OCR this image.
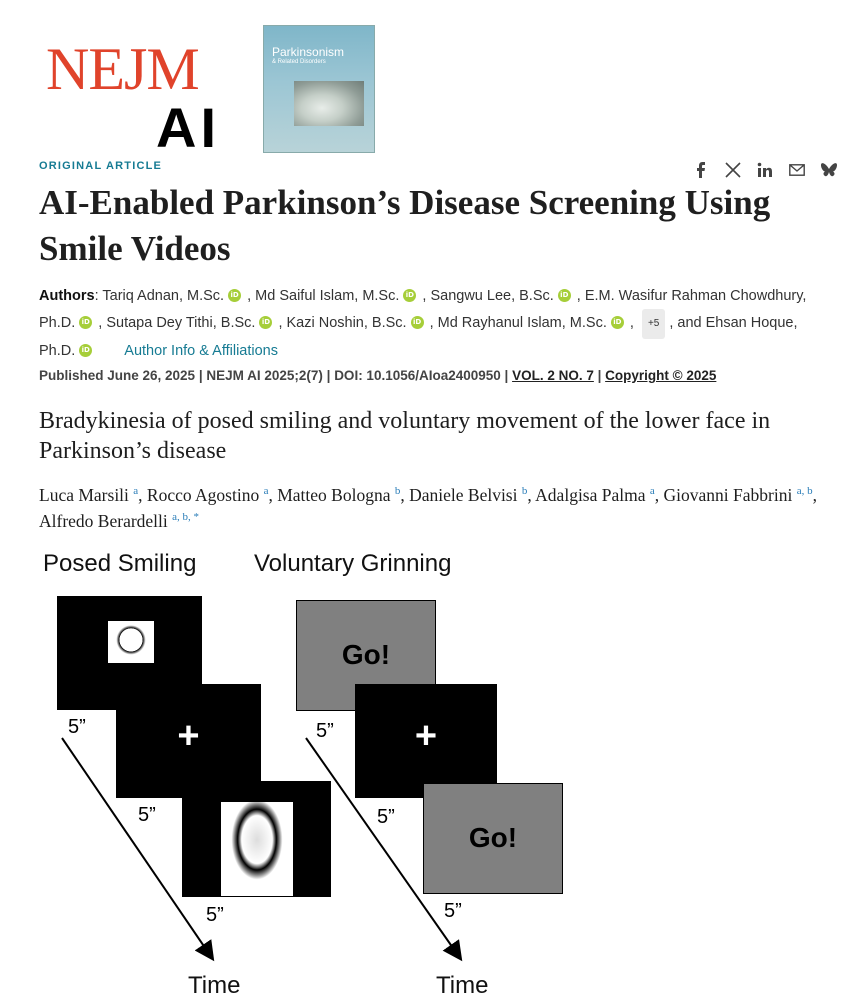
NEJM
AI
Parkinsonism
& Related Disorders
ORIGINAL ARTICLE
AI-Enabled Parkinson’s Disease Screening Using Smile Videos
Authors: Tariq Adnan, M.Sc. iD , Md Saiful Islam, M.Sc. iD , Sangwu Lee, B.Sc. iD , E.M. Wasifur Rahman Chowdhury, Ph.D. iD , Sutapa Dey Tithi, B.Sc. iD , Kazi Noshin, B.Sc. iD , Md Rayhanul Islam, M.Sc. iD , +5 , and Ehsan Hoque, Ph.D. iD Author Info & Affiliations
Published June 26, 2025 | NEJM AI 2025;2(7) | DOI: 10.1056/AIoa2400950 | VOL. 2 NO. 7 | Copyright © 2025
Bradykinesia of posed smiling and voluntary movement of the lower face in Parkinson’s disease
Luca Marsili $^a$, Rocco Agostino $^a$, Matteo Bologna $^b$, Daniele Belvisi $^b$, Adalgisa Palma $^a$, Giovanni Fabbrini $^{a, b}$, Alfredo Berardelli $^{a, b, *}$
Posed Smiling Voluntary Grinning
+
Go!
+
Go!
5”
5”
5”
5”
5”
5”
Time	Time
